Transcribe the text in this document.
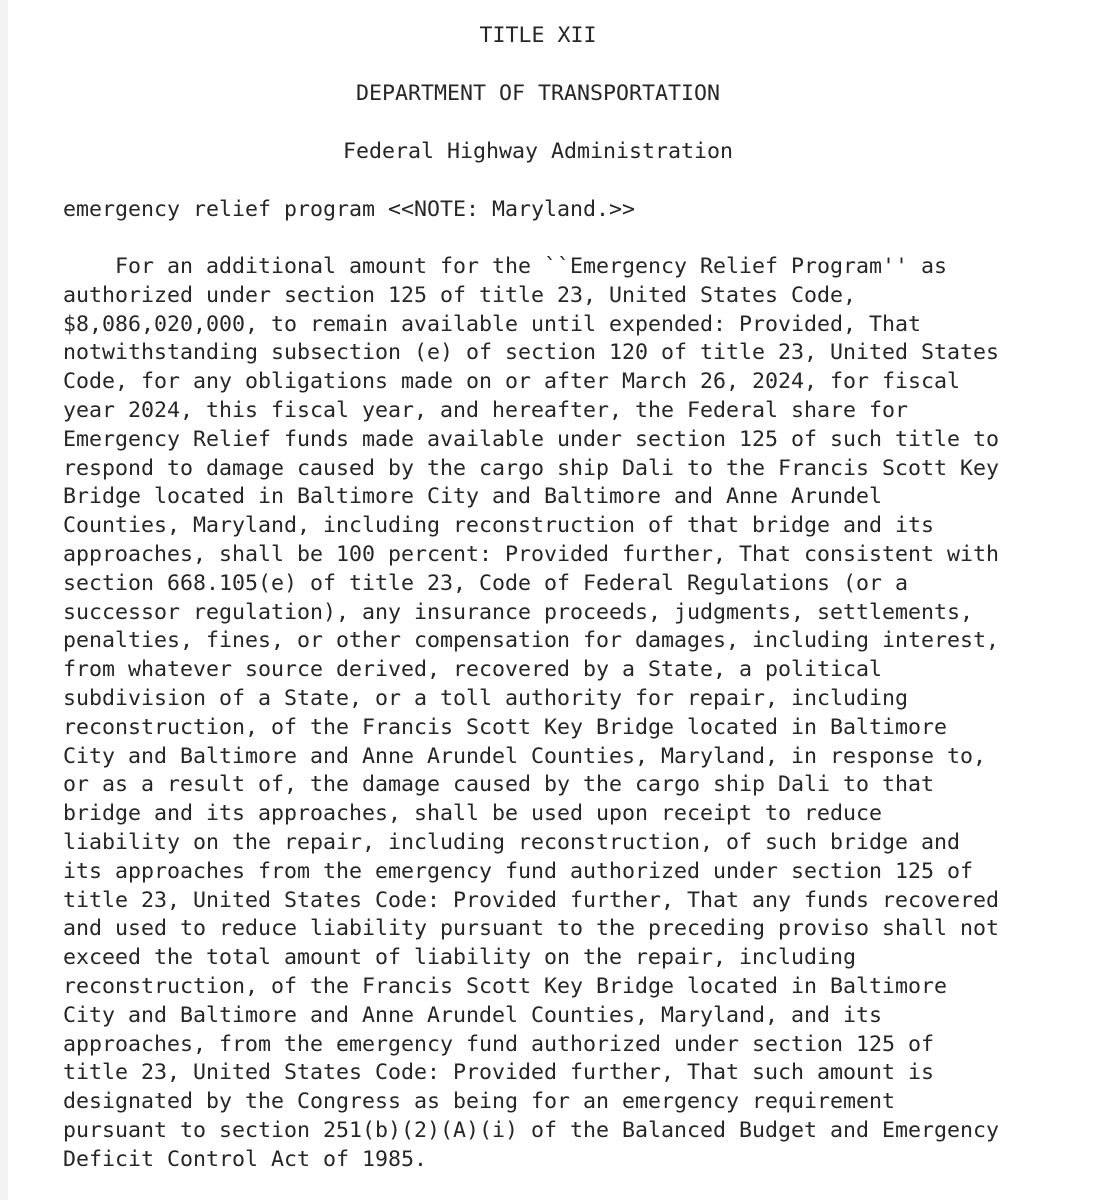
TITLE XII
DEPARTMENT OF TRANSPORTATION
Federal Highway Administration
emergency relief program <<NOTE: Maryland.>>
For an additional amount for the ``Emergency Relief Program'' as
authorized under section 125 of title 23, United States Code,
$8,086,020,000, to remain available until expended: Provided, That
notwithstanding subsection (e) of section 120 of title 23, United States
Code, for any obligations made on or after March 26, 2024, for fiscal
year 2024, this fiscal year, and hereafter, the Federal share for
Emergency Relief funds made available under section 125 of such title to
respond to damage caused by the cargo ship Dali to the Francis Scott Key
Bridge located in Baltimore City and Baltimore and Anne Arundel
Counties, Maryland, including reconstruction of that bridge and its
approaches, shall be 100 percent: Provided further, That consistent with
section 668.105(e) of title 23, Code of Federal Regulations (or a
successor regulation), any insurance proceeds, judgments, settlements,
penalties, fines, or other compensation for damages, including interest,
from whatever source derived, recovered by a State, a political
subdivision of a State, or a toll authority for repair, including
reconstruction, of the Francis Scott Key Bridge located in Baltimore
City and Baltimore and Anne Arundel Counties, Maryland, in response to,
or as a result of, the damage caused by the cargo ship Dali to that
bridge and its approaches, shall be used upon receipt to reduce
liability on the repair, including reconstruction, of such bridge and
its approaches from the emergency fund authorized under section 125 of
title 23, United States Code: Provided further, That any funds recovered
and used to reduce liability pursuant to the preceding proviso shall not
exceed the total amount of liability on the repair, including
reconstruction, of the Francis Scott Key Bridge located in Baltimore
City and Baltimore and Anne Arundel Counties, Maryland, and its
approaches, from the emergency fund authorized under section 125 of
title 23, United States Code: Provided further, That such amount is
designated by the Congress as being for an emergency requirement
pursuant to section 251(b)(2)(A)(i) of the Balanced Budget and Emergency
Deficit Control Act of 1985.
